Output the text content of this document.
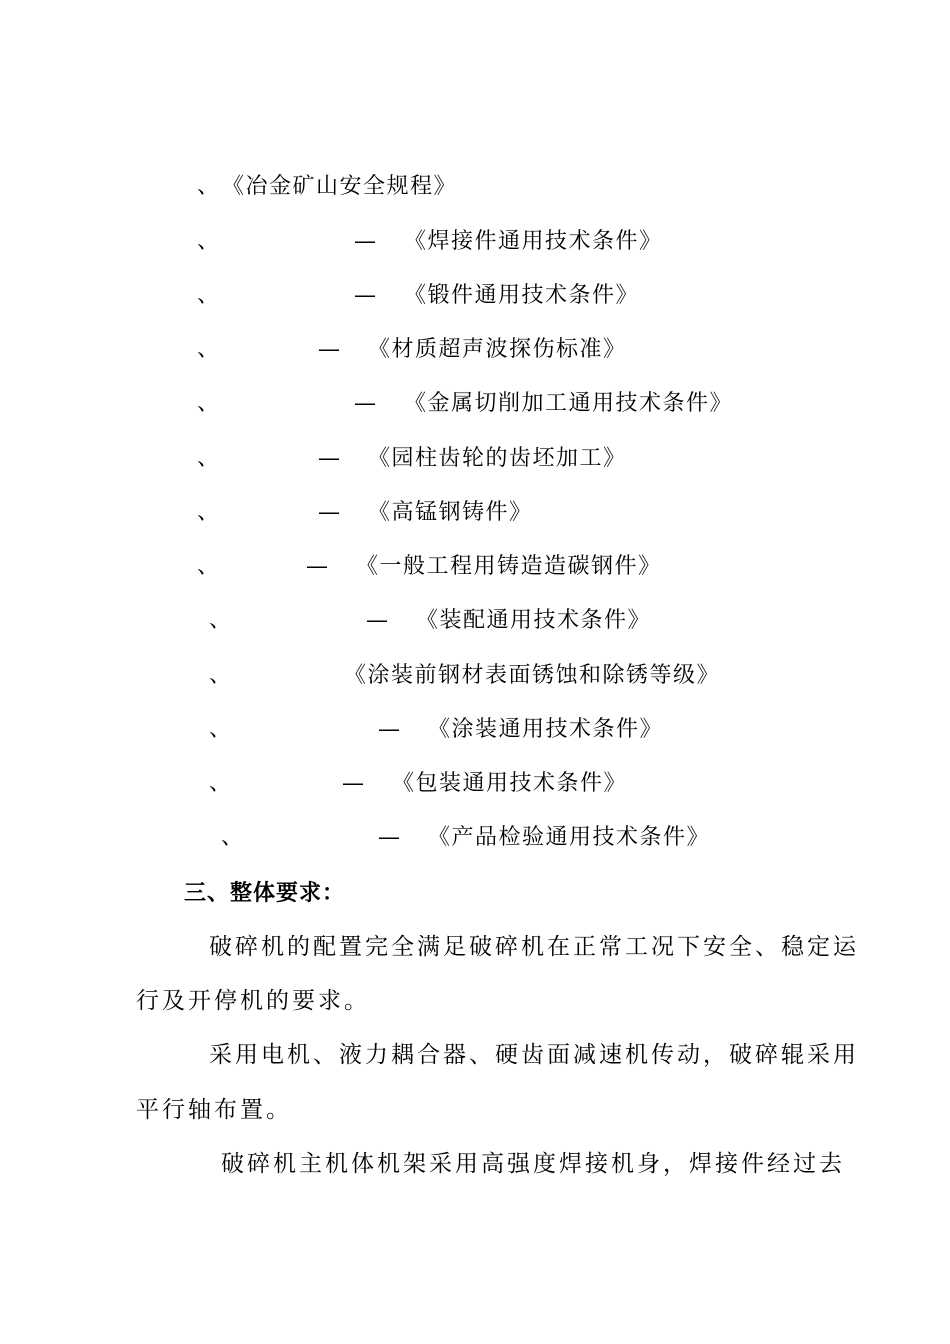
、 《冶金矿山安全规程》
、	— 《焊接件通用技术条件》
、	— 《锻件通用技术条件》
、	— 《材质超声波探伤标准》
、	— 《金属切削加工通用技术条件》
、	— 《园柱齿轮的齿坯加工》
、	— 《高锰钢铸件》
、	— 《一般工程用铸造造碳钢件》
、	— 《装配通用技术条件》
、	《涂装前钢材表面锈蚀和除锈等级》
、	— 《涂装通用技术条件》
、	— 《包装通用技术条件》
、	— 《产品检验通用技术条件》
三、整体要求：
破碎机的配置完全满足破碎机在正常工况下安全、稳定运
行及开停机的要求。
采用电机、液力耦合器、硬齿面减速机传动，破碎辊采用
平行轴布置。
破碎机主机体机架采用高强度焊接机身，焊接件经过去
